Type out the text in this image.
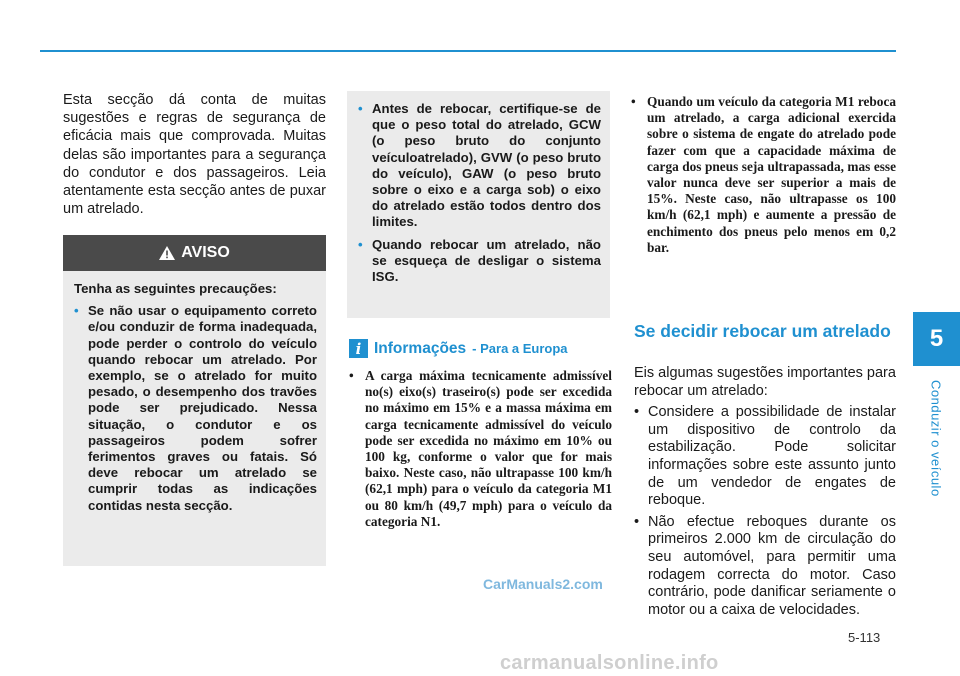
5
Conduzir o veículo

Esta secção dá conta de muitas sugestões e regras de segurança de eficácia mais que comprovada. Muitas delas são importantes para a segurança do condutor e dos passageiros. Leia atentamente esta secção antes de puxar um atrelado.

AVISO

Tenha as seguintes precauções:

• Se não usar o equipamento correto e/ou conduzir de forma inadequada, pode perder o controlo do veículo quando rebocar um atrelado. Por exemplo, se o atrelado for muito pesado, o desempenho dos travões pode ser prejudicado. Nessa situação, o condutor e os passageiros podem sofrer ferimentos graves ou fatais. Só deve rebocar um atrelado se cumprir todas as indicações contidas nesta secção.
• Antes de rebocar, certifique-se de que o peso total do atrelado, GCW (o peso bruto do conjunto veículoatrelado), GVW (o peso bruto do veículo), GAW (o peso bruto sobre o eixo e a carga sob) o eixo do atrelado estão todos dentro dos limites.
• Quando rebocar um atrelado, não se esqueça de desligar o sistema ISG.
i Informações - Para a Europa
• A carga máxima tecnicamente admissível no(s) eixo(s) traseiro(s) pode ser excedida no máximo em 15% e a massa máxima em carga tecnicamente admissível do veículo pode ser excedida no máximo em 10% ou 100 kg, conforme o valor que for mais baixo. Neste caso, não ultrapasse 100 km/h (62,1 mph) para o veículo da categoria M1 ou 80 km/h (49,7 mph) para o veículo da categoria N1.
• Quando um veículo da categoria M1 reboca um atrelado, a carga adicional exercida sobre o sistema de engate do atrelado pode fazer com que a capacidade máxima de carga dos pneus seja ultrapassada, mas esse valor nunca deve ser superior a mais de 15%. Neste caso, não ultrapasse os 100 km/h (62,1 mph) e aumente a pressão de enchimento dos pneus pelo menos em 0,2 bar.
Se decidir rebocar um atrelado

Eis algumas sugestões importantes para rebocar um atrelado:

• Considere a possibilidade de instalar um dispositivo de controlo da estabilização. Pode solicitar informações sobre este assunto junto de um vendedor de engates de reboque.
• Não efectue reboques durante os primeiros 2.000 km de circulação do seu automóvel, para permitir uma rodagem correcta do motor. Caso contrário, pode danificar seriamente o motor ou a caixa de velocidades.
5-113
CarManuals2.com
carmanualsonline.info
